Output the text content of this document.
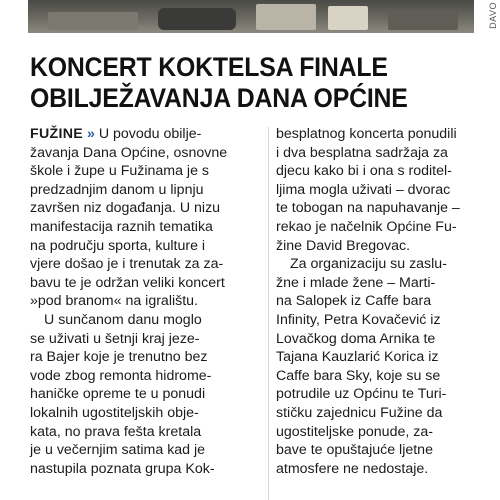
DAVO
KONCERT KOKTELSA FINALE
OBILJEŽAVANJA DANA OPĆINE

FUŽINE » U povodu obilje-
žavanja Dana Općine, osnovne
škole i župe u Fužinama je s
predzadnjim danom u lipnju
završen niz događanja. U nizu
manifestacija raznih tematika
na području sporta, kulture i
vjere došao je i trenutak za za-
bavu te je održan veliki koncert
»pod branom« na igralištu.

U sunčanom danu moglo
se uživati u šetnji kraj jeze-
ra Bajer koje je trenutno bez
vode zbog remonta hidrome-
haničke opreme te u ponudi
lokalnih ugostiteljskih obje-
kata, no prava fešta kretala
je u večernjim satima kad je
nastupila poznata grupa Kok-

besplatnog koncerta ponudili
i dva besplatna sadržaja za
djecu kako bi i ona s roditel-
ljima mogla uživati – dvorac
te tobogan na napuhavanje –
rekao je načelnik Općine Fu-
žine David Bregovac.

Za organizaciju su zaslu-
žne i mlade žene – Marti-
na Salopek iz Caffe bara
Infinity, Petra Kovačević iz
Lovačkog doma Arnika te
Tajana Kauzlarić Korica iz
Caffe bara Sky, koje su se
potrudile uz Općinu te Turi-
stičku zajednicu Fužine da
ugostiteljske ponude, za-
bave te opuštajuće ljetne
atmosfere ne nedostaje.
